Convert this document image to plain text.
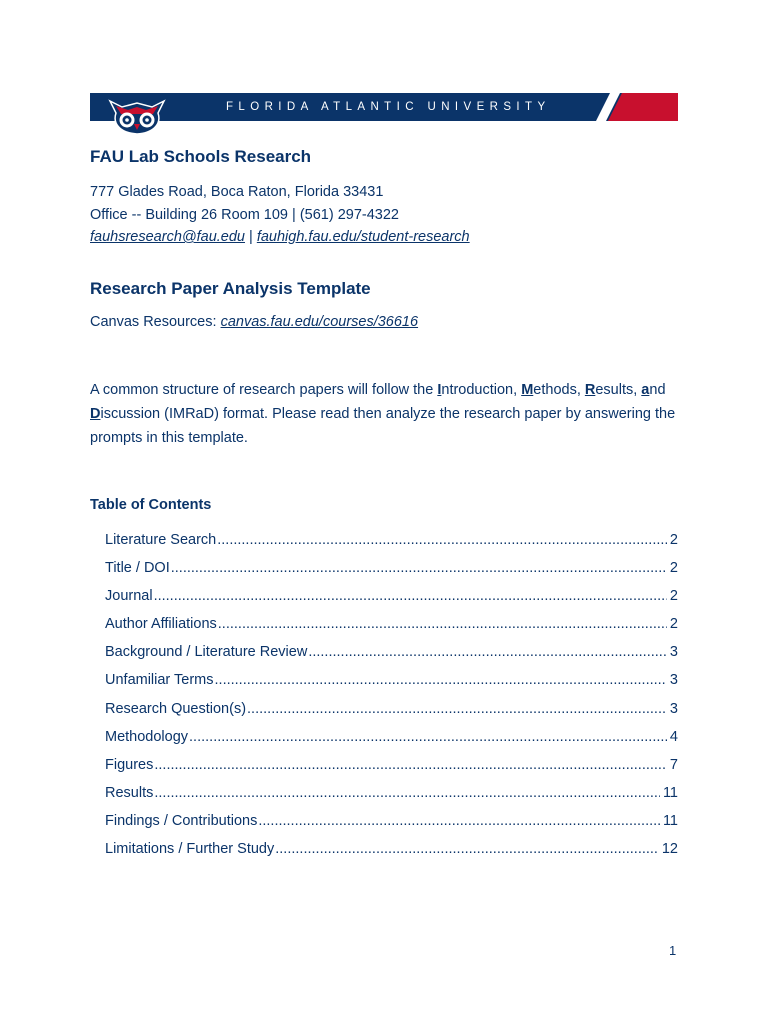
FLORIDA ATLANTIC UNIVERSITY
FAU Lab Schools Research
777 Glades Road, Boca Raton, Florida 33431
Office -- Building 26 Room 109 | (561) 297-4322
fauhsresearch@fau.edu | fauhigh.fau.edu/student-research
Research Paper Analysis Template
Canvas Resources: canvas.fau.edu/courses/36616

A common structure of research papers will follow the Introduction, Methods, Results, and Discussion (IMRaD) format. Please read then analyze the research paper by answering the prompts in this template.

Table of Contents
Literature Search .....	2
Title / DOI .....	2
Journal .....	2
Author Affiliations .....	2
Background / Literature Review .....	3
Unfamiliar Terms .....	3
Research Question(s) .....	3
Methodology .....	4
Figures .....	7
Results .....	11
Findings / Contributions .....	11
Limitations / Further Study .....	12
1
